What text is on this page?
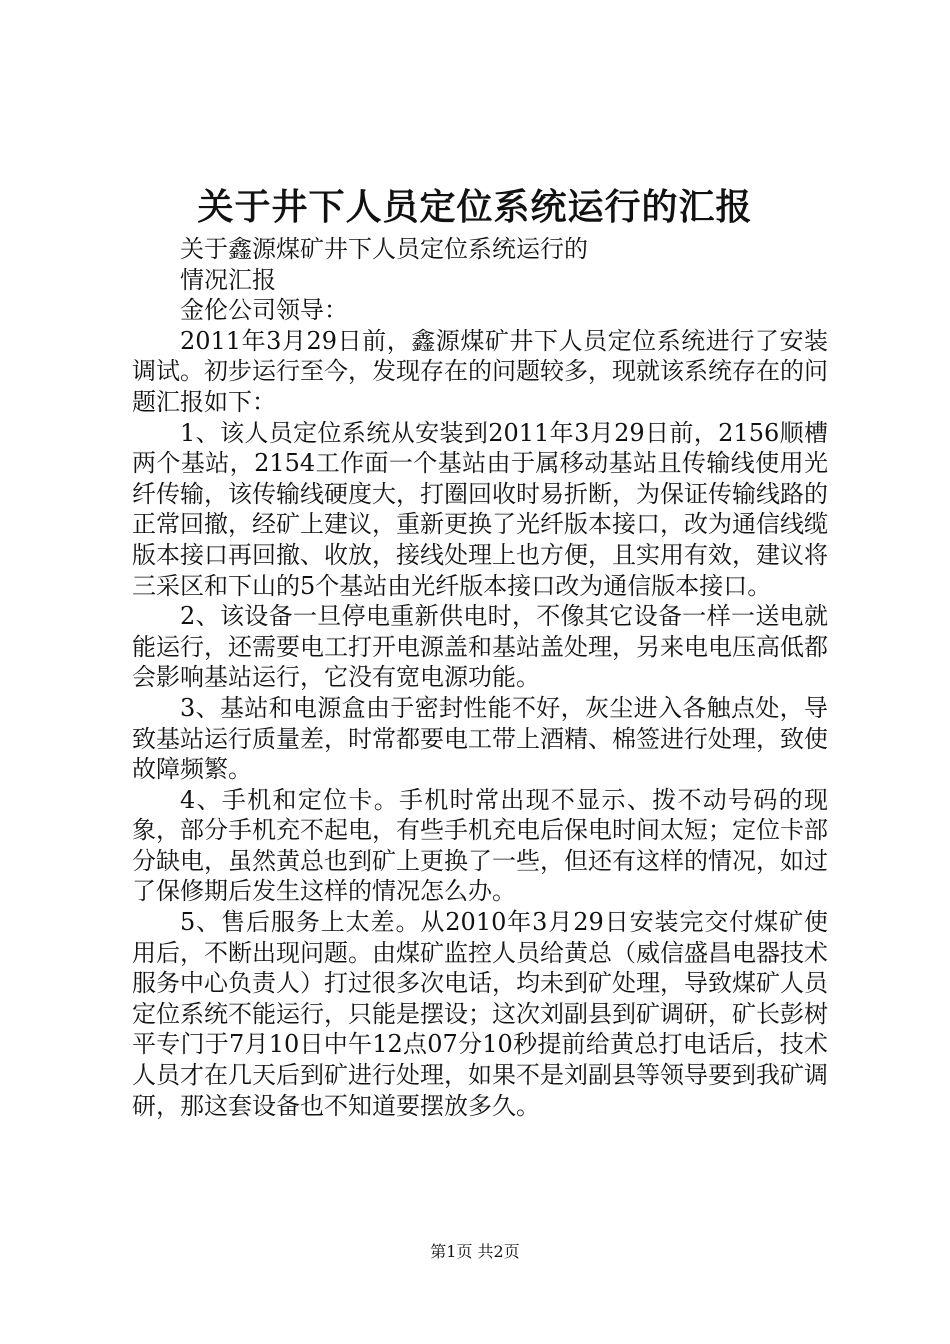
关于井下人员定位系统运行的汇报

关于鑫源煤矿井下人员定位系统运行的

情况汇报

金伦公司领导：

2011年3月29日前，鑫源煤矿井下人员定位系统进行了安装调试。初步运行至今，发现存在的问题较多，现就该系统存在的问题汇报如下：

1、该人员定位系统从安装到2011年3月29日前，2156顺槽两个基站，2154工作面一个基站由于属移动基站且传输线使用光纤传输，该传输线硬度大，打圈回收时易折断，为保证传输线路的正常回撤，经矿上建议，重新更换了光纤版本接口，改为通信线缆版本接口再回撤、收放，接线处理上也方便，且实用有效，建议将三采区和下山的5个基站由光纤版本接口改为通信版本接口。

2、该设备一旦停电重新供电时，不像其它设备一样一送电就能运行，还需要电工打开电源盖和基站盖处理，另来电电压高低都会影响基站运行，它没有宽电源功能。

3、基站和电源盒由于密封性能不好，灰尘进入各触点处，导致基站运行质量差，时常都要电工带上酒精、棉签进行处理，致使故障频繁。

4、手机和定位卡。手机时常出现不显示、拨不动号码的现象，部分手机充不起电，有些手机充电后保电时间太短；定位卡部分缺电，虽然黄总也到矿上更换了一些，但还有这样的情况，如过了保修期后发生这样的情况怎么办。

5、售后服务上太差。从2010年3月29日安装完交付煤矿使用后，不断出现问题。由煤矿监控人员给黄总（威信盛昌电器技术服务中心负责人）打过很多次电话，均未到矿处理，导致煤矿人员定位系统不能运行，只能是摆设；这次刘副县到矿调研，矿长彭树平专门于7月10日中午12点07分10秒提前给黄总打电话后，技术人员才在几天后到矿进行处理，如果不是刘副县等领导要到我矿调研，那这套设备也不知道要摆放多久。

第1页 共2页
